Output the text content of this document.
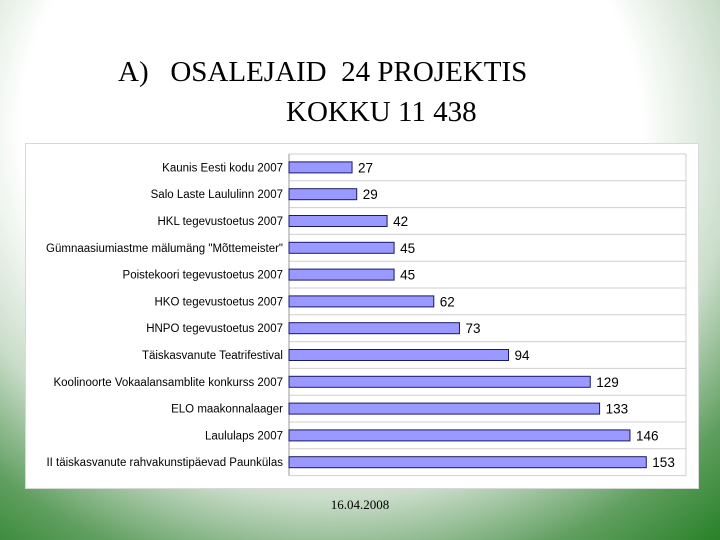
A)   OSALEJAID  24 PROJEKTIS
KOKKU 11 438
Kaunis Eesti kodu 2007	27
Salo Laste Laululinn 2007	29
HKL tegevustoetus 2007	42
Gümnaasiumiastme mälumäng "Mõttemeister"	45
Poistekoori tegevustoetus 2007	45
HKO tegevustoetus 2007	62
HNPO tegevustoetus 2007	73
Täiskasvanute Teatrifestival	94
Koolinoorte Vokaalansamblite konkurss 2007	129
ELO maakonnalaager	133
Laululaps 2007	146
II täiskasvanute rahvakunstipäevad Paunkülas	153
16.04.2008
